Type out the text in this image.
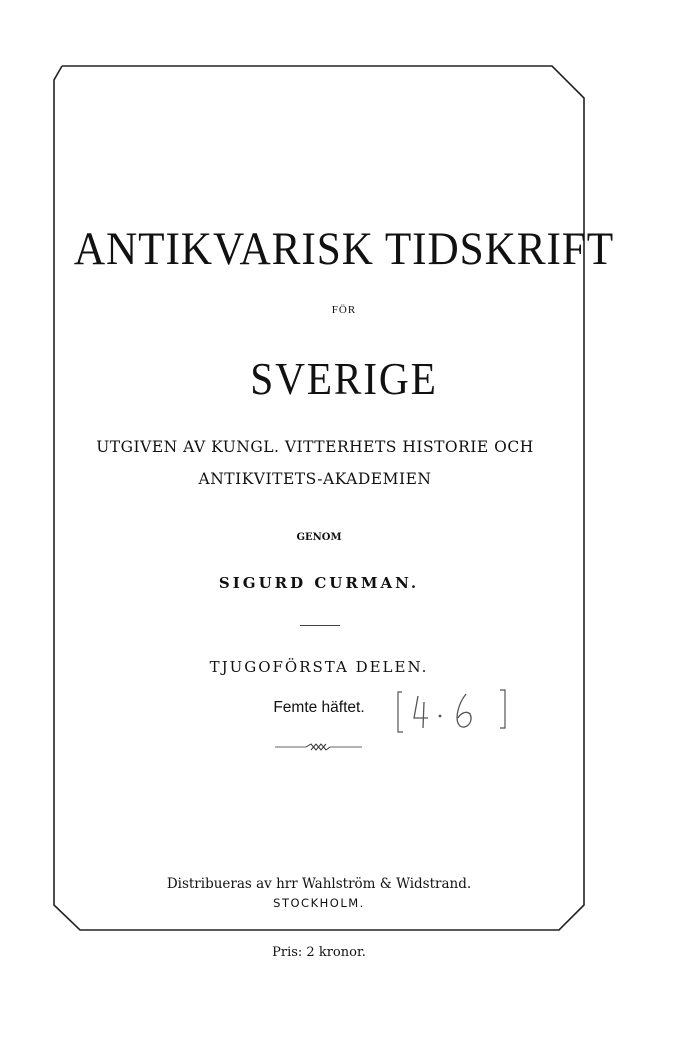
ANTIKVARISK TIDSKRIFT
FÖR
SVERIGE
UTGIVEN AV KUNGL. VITTERHETS HISTORIE OCH
ANTIKVITETS-AKADEMIEN
GENOM
SIGURD CURMAN.
TJUGOFÖRSTA DELEN.
Femte häftet.
Distribueras av hrr Wahlström & Widstrand.
STOCKHOLM.
Pris: 2 kronor.
